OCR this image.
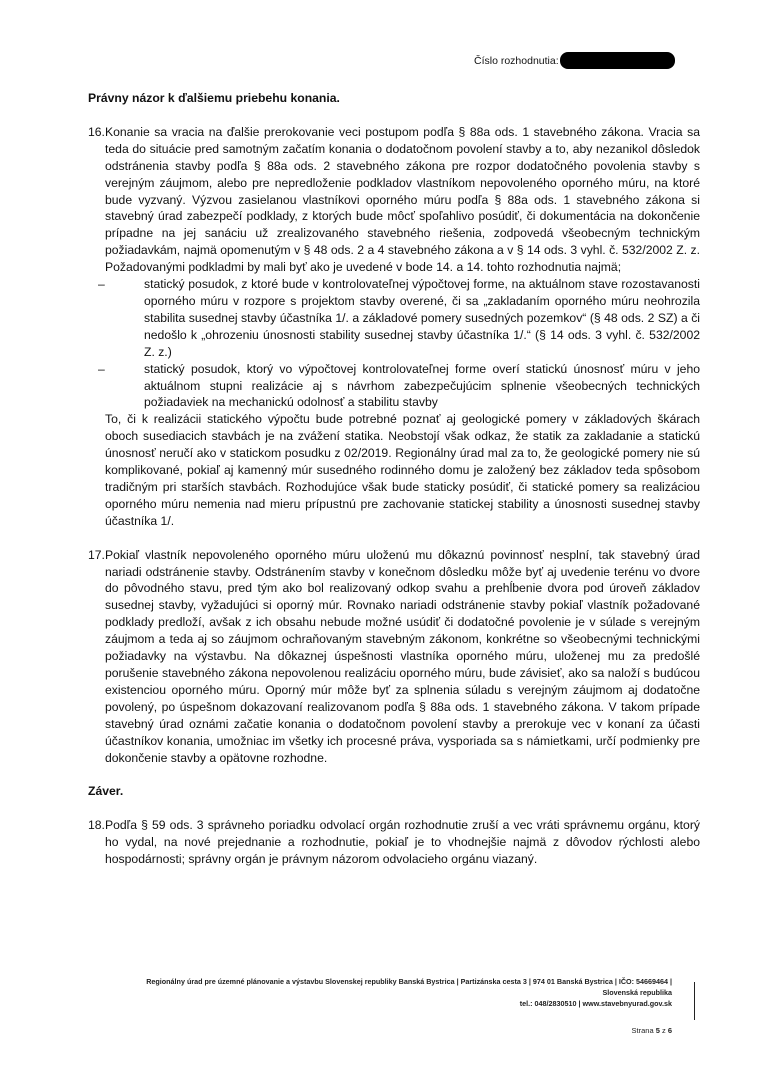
Číslo rozhodnutia:

Právny názor k ďalšiemu priebehu konania.

16. Konanie sa vracia na ďalšie prerokovanie veci postupom podľa § 88a ods. 1 stavebného zákona. Vracia sa teda do situácie pred samotným začatím konania o dodatočnom povolení stavby a to, aby nezanikol dôsledok odstránenia stavby podľa § 88a ods. 2 stavebného zákona pre rozpor dodatočného povolenia stavby s verejným záujmom, alebo pre nepredloženie podkladov vlastníkom nepovoleného oporného múru, na ktoré bude vyzvaný. Výzvou zasielanou vlastníkovi oporného múru podľa § 88a ods. 1 stavebného zákona si stavebný úrad zabezpečí podklady, z ktorých bude môcť spoľahlivo posúdiť, či dokumentácia na dokončenie prípadne na jej sanáciu už zrealizovaného stavebného riešenia, zodpovedá všeobecným technickým požiadavkám, najmä opomenutým v § 48 ods. 2 a 4 stavebného zákona a v § 14 ods. 3 vyhl. č. 532/2002 Z. z. Požadovanými podkladmi by mali byť ako je uvedené v bode 14. a 14. tohto rozhodnutia najmä;

–	statický posudok, z ktoré bude v kontrolovateľnej výpočtovej forme, na aktuálnom stave rozostavanosti oporného múru v rozpore s projektom stavby overené, či sa „zakladaním oporného múru neohrozila stabilita susednej stavby účastníka 1/. a základové pomery susedných pozemkov“ (§ 48 ods. 2 SZ) a či nedošlo k „ohrozeniu únosnosti stability susednej stavby účastníka 1/.“ (§ 14 ods. 3 vyhl. č. 532/2002 Z. z.)
–	statický posudok, ktorý vo výpočtovej kontrolovateľnej forme overí statickú únosnosť múru v jeho aktuálnom stupni realizácie aj s návrhom zabezpečujúcim splnenie všeobecných technických požiadaviek na mechanickú odolnosť a stabilitu stavby

To, či k realizácii statického výpočtu bude potrebné poznať aj geologické pomery v základových škárach oboch susediacich stavbách je na zvážení statika. Neobstojí však odkaz, že statik za zakladanie a statickú únosnosť neručí ako v statickom posudku z 02/2019. Regionálny úrad mal za to, že geologické pomery nie sú komplikované, pokiaľ aj kamenný múr susedného rodinného domu je založený bez základov teda spôsobom tradičným pri starších stavbách. Rozhodujúce však bude staticky posúdiť, či statické pomery sa realizáciou oporného múru nemenia nad mieru prípustnú pre zachovanie statickej stability a únosnosti susednej stavby účastníka 1/.

17. Pokiaľ vlastník nepovoleného oporného múru uloženú mu dôkaznú povinnosť nesplní, tak stavebný úrad nariadi odstránenie stavby. Odstránením stavby v konečnom dôsledku môže byť aj uvedenie terénu vo dvore do pôvodného stavu, pred tým ako bol realizovaný odkop svahu a prehĺbenie dvora pod úroveň základov susednej stavby, vyžadujúci si oporný múr. Rovnako nariadi odstránenie stavby pokiaľ vlastník požadované podklady predloží, avšak z ich obsahu nebude možné usúdiť či dodatočné povolenie je v súlade s verejným záujmom a teda aj so záujmom ochraňovaným stavebným zákonom, konkrétne so všeobecnými technickými požiadavky na výstavbu. Na dôkaznej úspešnosti vlastníka oporného múru, uloženej mu za predošlé porušenie stavebného zákona nepovolenou realizáciu oporného múru, bude závisieť, ako sa naloží s budúcou existenciou oporného múru. Oporný múr môže byť za splnenia súladu s verejným záujmom aj dodatočne povolený, po úspešnom dokazovaní realizovanom podľa § 88a ods. 1 stavebného zákona. V takom prípade stavebný úrad oznámi začatie konania o dodatočnom povolení stavby a prerokuje vec v konaní za účasti účastníkov konania, umožniac im všetky ich procesné práva, vysporiada sa s námietkami, určí podmienky pre dokončenie stavby a opätovne rozhodne.

Záver.

18. Podľa § 59 ods. 3 správneho poriadku odvolací orgán rozhodnutie zruší a vec vráti správnemu orgánu, ktorý ho vydal, na nové prejednanie a rozhodnutie, pokiaľ je to vhodnejšie najmä z dôvodov rýchlosti alebo hospodárnosti; správny orgán je právnym názorom odvolacieho orgánu viazaný.

Regionálny úrad pre územné plánovanie a výstavbu Slovenskej republiky Banská Bystrica | Partizánska cesta 3 | 974 01 Banská Bystrica | IČO: 54669464 |
Slovenská republika
tel.: 048/2830510 | www.stavebnyurad.gov.sk
Strana 5 z 6
